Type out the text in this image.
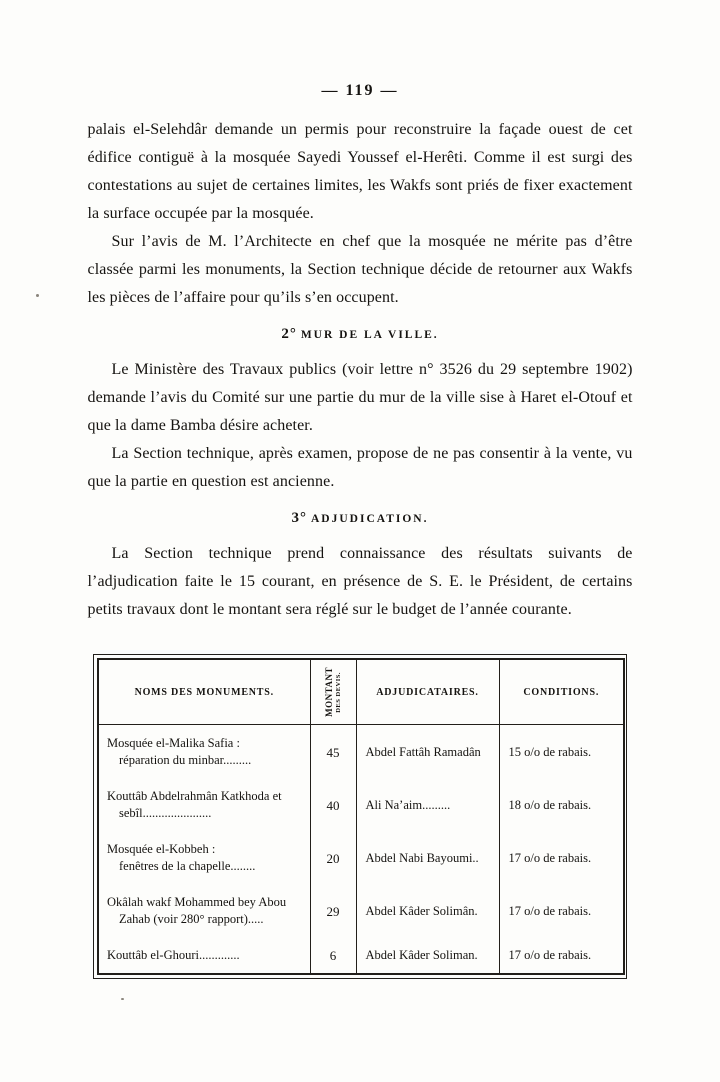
— 119 —

palais el-Selehdâr demande un permis pour reconstruire la façade ouest de cet édifice contiguë à la mosquée Sayedi Youssef el-Herêti. Comme il est surgi des contestations au sujet de certaines limites, les Wakfs sont priés de fixer exactement la surface occupée par la mosquée.

Sur l’avis de M. l’Architecte en chef que la mosquée ne mérite pas d’être classée parmi les monuments, la Section technique décide de retourner aux Wakfs les pièces de l’affaire pour qu’ils s’en occupent.

2° MUR DE LA VILLE.

Le Ministère des Travaux publics (voir lettre n° 3526 du 29 septembre 1902) demande l’avis du Comité sur une partie du mur de la ville sise à Haret el-Otouf et que la dame Bamba désire acheter.

La Section technique, après examen, propose de ne pas consentir à la vente, vu que la partie en question est ancienne.

3° ADJUDICATION.

La Section technique prend connaissance des résultats suivants de l’adjudication faite le 15 courant, en présence de S. E. le Président, de certains petits travaux dont le montant sera réglé sur le budget de l’année courante.

NOMS DES MONUMENTS.	MONTANT DES DEVIS.	ADJUDICATAIRES.	CONDITIONS.

Mosquée el-Malika Safia :
réparation du minbar.........	45	Abdel Fattâh Ramadân	15 o/o de rabais.

Kouttâb Abdelrahmân Katkhoda et
sebîl......................	40	Ali Na’aim.........	18 o/o de rabais.

Mosquée el-Kobbeh :
fenêtres de la chapelle........	20	Abdel Nabi Bayoumi..	17 o/o de rabais.

Okâlah wakf Mohammed bey Abou
Zahab (voir 280° rapport).....	29	Abdel Kâder Solimân.	17 o/o de rabais.

Kouttâb el-Ghouri.............	6	Abdel Kâder Soliman.	17 o/o de rabais.
